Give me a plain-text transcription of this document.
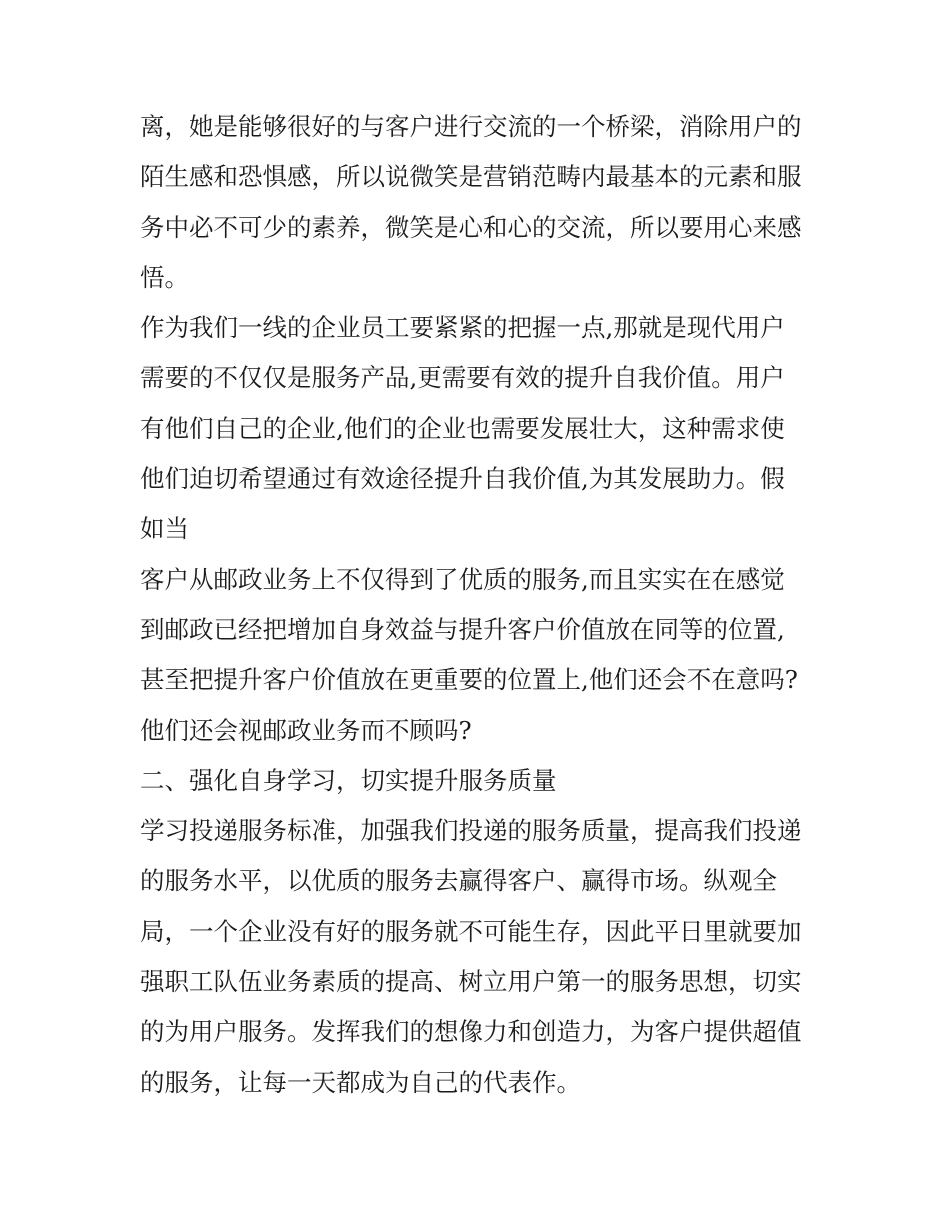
离，她是能够很好的与客户进行交流的一个桥梁，消除用户的
陌生感和恐惧感，所以说微笑是营销范畴内最基本的元素和服
务中必不可少的素养，微笑是心和心的交流，所以要用心来感
悟。
作为我们一线的企业员工要紧紧的把握一点,那就是现代用户
需要的不仅仅是服务产品,更需要有效的提升自我价值。用户
有他们自己的企业,他们的企业也需要发展壮大，这种需求使
他们迫切希望通过有效途径提升自我价值,为其发展助力。假
如当
客户从邮政业务上不仅得到了优质的服务,而且实实在在感觉
到邮政已经把增加自身效益与提升客户价值放在同等的位置,
甚至把提升客户价值放在更重要的位置上,他们还会不在意吗?
他们还会视邮政业务而不顾吗?
二、强化自身学习，切实提升服务质量
学习投递服务标准，加强我们投递的服务质量，提高我们投递
的服务水平，以优质的服务去赢得客户、赢得市场。纵观全
局，一个企业没有好的服务就不可能生存，因此平日里就要加
强职工队伍业务素质的提高、树立用户第一的服务思想，切实
的为用户服务。发挥我们的想像力和创造力，为客户提供超值
的服务，让每一天都成为自己的代表作。
